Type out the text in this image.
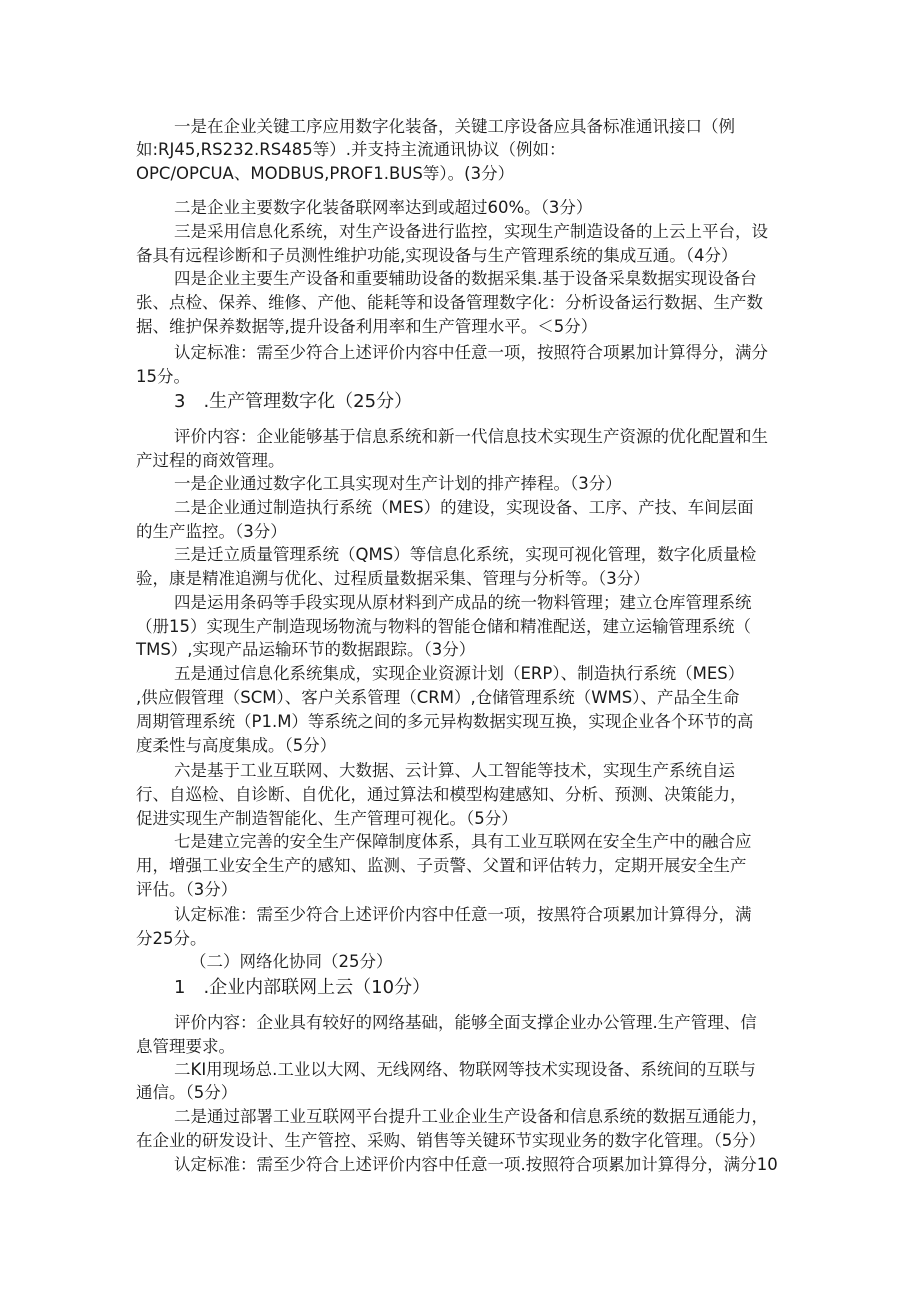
一是在企业关键工序应用数字化装备，关键工序设备应具备标准通讯接口（例
如:RJ45,RS232.RS485等）.并支持主流通讯协议（例如：
OPC/OPCUA、MODBUS,PROF1.BUS等）。(3分）
二是企业主要数字化装备联网率达到或超过60%。（3分）
三是采用信息化系统，对生产设备进行监控，实现生产制造设备的上云上平台，设
备具有远程诊断和子员测性维护功能,实现设备与生产管理系统的集成互通。（4分）
四是企业主要生产设备和重要辅助设备的数据采集.基于设备采臬数据实现设备台
张、点检、保养、维修、产他、能耗等和设备管理数字化：分析设备运行数据、生产数
据、维护保养数据等,提升设备利用率和生产管理水平。＜5分）
认定标准：需至少符合上述评价内容中任意一项，按照符合项累加计算得分，满分
15分。
3　.生产管理数字化（25分）
评价内容：企业能够基于信息系统和新一代信息技术实现生产资源的优化配置和生
产过程的商效管理。
一是企业通过数字化工具实现对生产计划的排产捧程。（3分）
二是企业通过制造执行系统（MES）的建设，实现设备、工序、产技、车间层面
的生产监控。（3分）
三是迁立质量管理系统（QMS）等信息化系统，实现可视化管理，数字化质量检
验，康是精准追溯与优化、过程质量数据采集、管理与分析等。（3分）
四是运用条码等手段实现从原材料到产成品的统一物料管理；建立仓库管理系统
（册15）实现生产制造现场物流与物料的智能仓储和精准配送，建立运输管理系统（
TMS）,实现产品运输环节的数据跟踪。（3分）
五是通过信息化系统集成，实现企业资源计划（ERP）、制造执行系统（MES）
,供应假管理（SCM）、客户关系管理（CRM）,仓储管理系统（WMS）、产品全生命
周期管理系统（P1.M）等系统之间的多元异构数据实现互换，实现企业各个环节的高
度柔性与高度集成。（5分）
六是基于工业互联网、大数据、云计算、人工智能等技术，实现生产系统自运
行、自巡检、自诊断、自优化，通过算法和模型构建感知、分析、预测、决策能力，
促进实现生产制造智能化、生产管理可视化。（5分）
七是建立完善的安全生产保障制度体系，具有工业互联网在安全生产中的融合应
用，增强工业安全生产的感知、监测、子贡警、父置和评估转力，定期开展安全生产
评估。（3分）
认定标准：需至少符合上述评价内容中任意一项，按黑符合项累加计算得分，满
分25分。
（二）网络化协同（25分）
1　.企业内部联网上云（10分）
评价内容：企业具有较好的网络基础，能够全面支撑企业办公管理.生产管理、信
息管理要求。
二KI用现场总.工业以大网、无线网络、物联网等技术实现设备、系统间的互联与
通信。（5分）
二是通过部署工业互联网平台提升工业企业生产设备和信息系统的数据互通能力，
在企业的研发设计、生产管控、采购、销售等关键环节实现业务的数字化管理。（5分）
认定标准：需至少符合上述评价内容中任意一项.按照符合项累加计算得分，满分10
